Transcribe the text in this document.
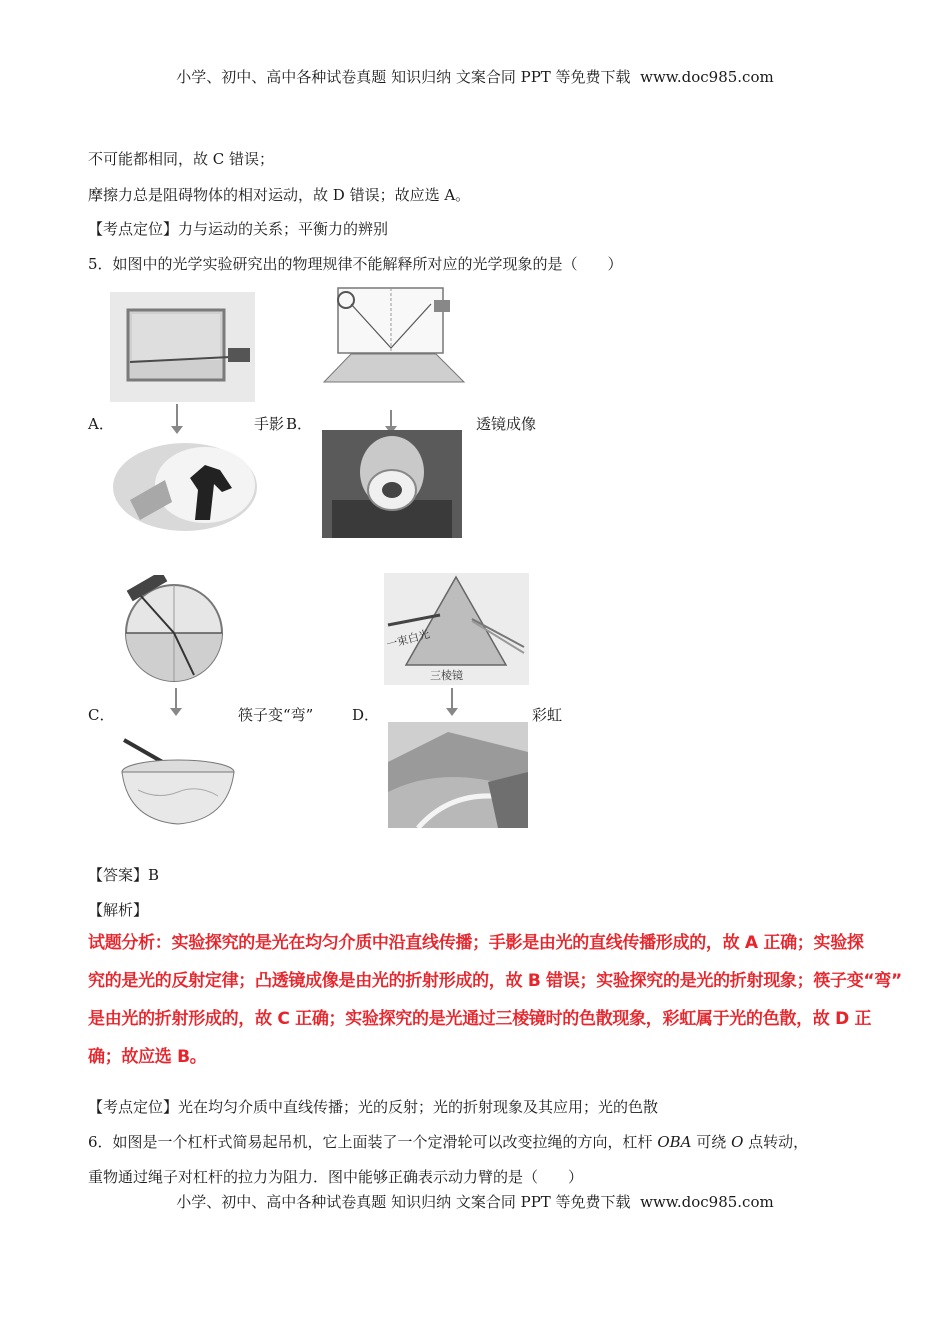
小学、初中、高中各种试卷真题 知识归纳 文案合同 PPT 等免费下载 www.doc985.com
不可能都相同，故 C 错误；
摩擦力总是阻碍物体的相对运动，故 D 错误；故应选 A。
【考点定位】力与运动的关系；平衡力的辨别
5．如图中的光学实验研究出的物理规律不能解释所对应的光学现象的是（　　）
A．	手影 B．	透镜成像
C．	筷子变“弯”	D．
一束白光
三棱镜
彩虹
【答案】B
【解析】
试题分析：实验探究的是光在均匀介质中沿直线传播；手影是由光的直线传播形成的，故 A 正确；实验探
究的是光的反射定律；凸透镜成像是由光的折射形成的，故 B 错误；实验探究的是光的折射现象；筷子变“弯”
是由光的折射形成的，故 C 正确；实验探究的是光通过三棱镜时的色散现象，彩虹属于光的色散，故 D 正
确；故应选 B。
【考点定位】光在均匀介质中直线传播；光的反射；光的折射现象及其应用；光的色散
6．如图是一个杠杆式简易起吊机，它上面装了一个定滑轮可以改变拉绳的方向，杠杆 OBA 可绕 O 点转动，
重物通过绳子对杠杆的拉力为阻力．图中能够正确表示动力臂的是（　　）
小学、初中、高中各种试卷真题 知识归纳 文案合同 PPT 等免费下载 www.doc985.com
